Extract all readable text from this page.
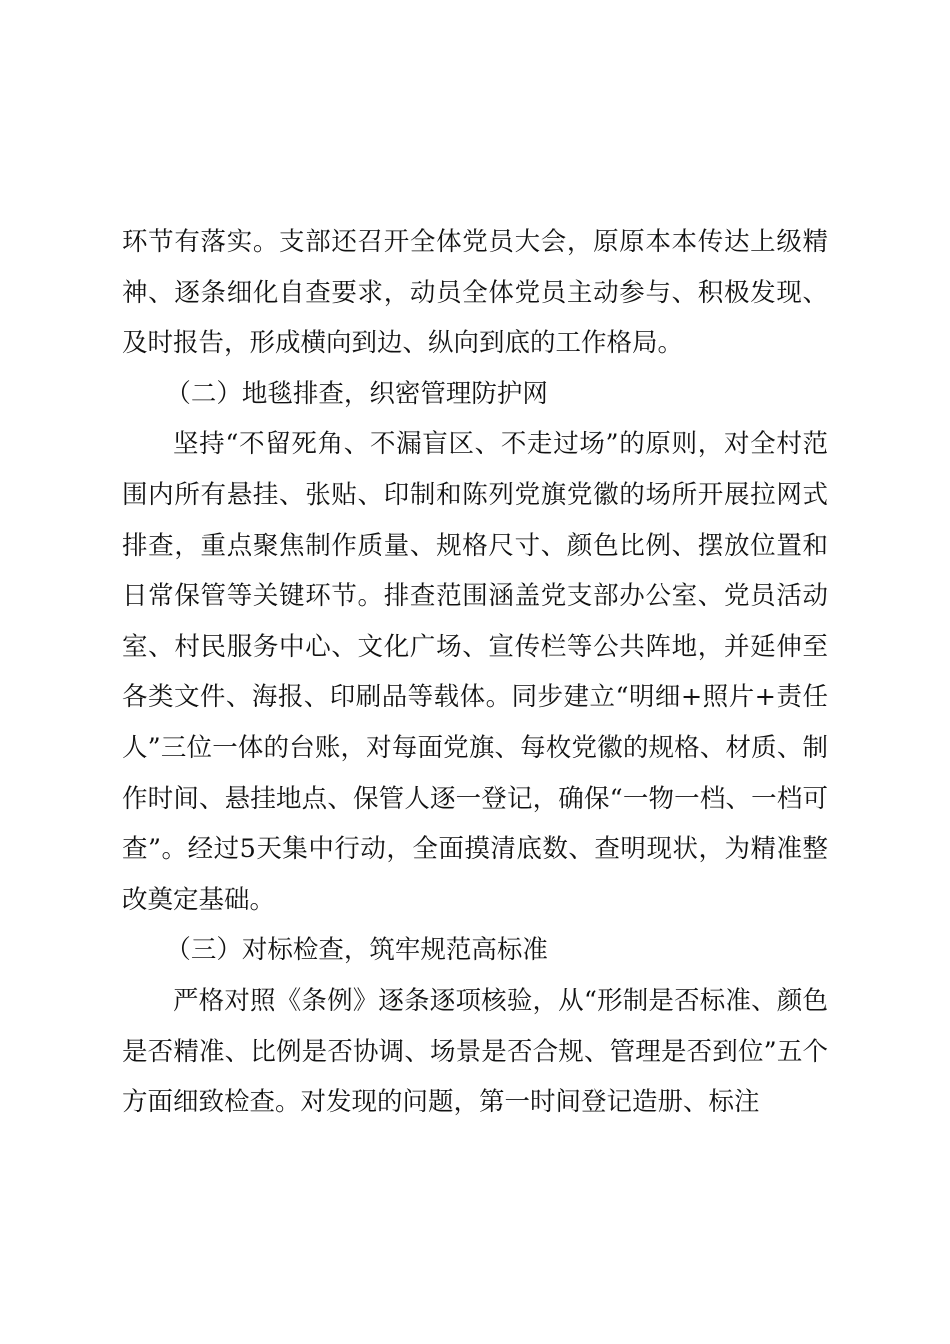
环节有落实。支部还召开全体党员大会，原原本本传达上级精神、逐条细化自查要求，动员全体党员主动参与、积极发现、及时报告，形成横向到边、纵向到底的工作格局。

（二）地毯排查，织密管理防护网

坚持“不留死角、不漏盲区、不走过场”的原则，对全村范围内所有悬挂、张贴、印制和陈列党旗党徽的场所开展拉网式排查，重点聚焦制作质量、规格尺寸、颜色比例、摆放位置和日常保管等关键环节。排查范围涵盖党支部办公室、党员活动室、村民服务中心、文化广场、宣传栏等公共阵地，并延伸至各类文件、海报、印刷品等载体。同步建立“明细+照片+责任人”三位一体的台账，对每面党旗、每枚党徽的规格、材质、制作时间、悬挂地点、保管人逐一登记，确保“一物一档、一档可查”。经过5天集中行动，全面摸清底数、查明现状，为精准整改奠定基础。

（三）对标检查，筑牢规范高标准

严格对照《条例》逐条逐项核验，从“形制是否标准、颜色是否精准、比例是否协调、场景是否合规、管理是否到位”五个方面细致检查。对发现的问题，第一时间登记造册、标注
